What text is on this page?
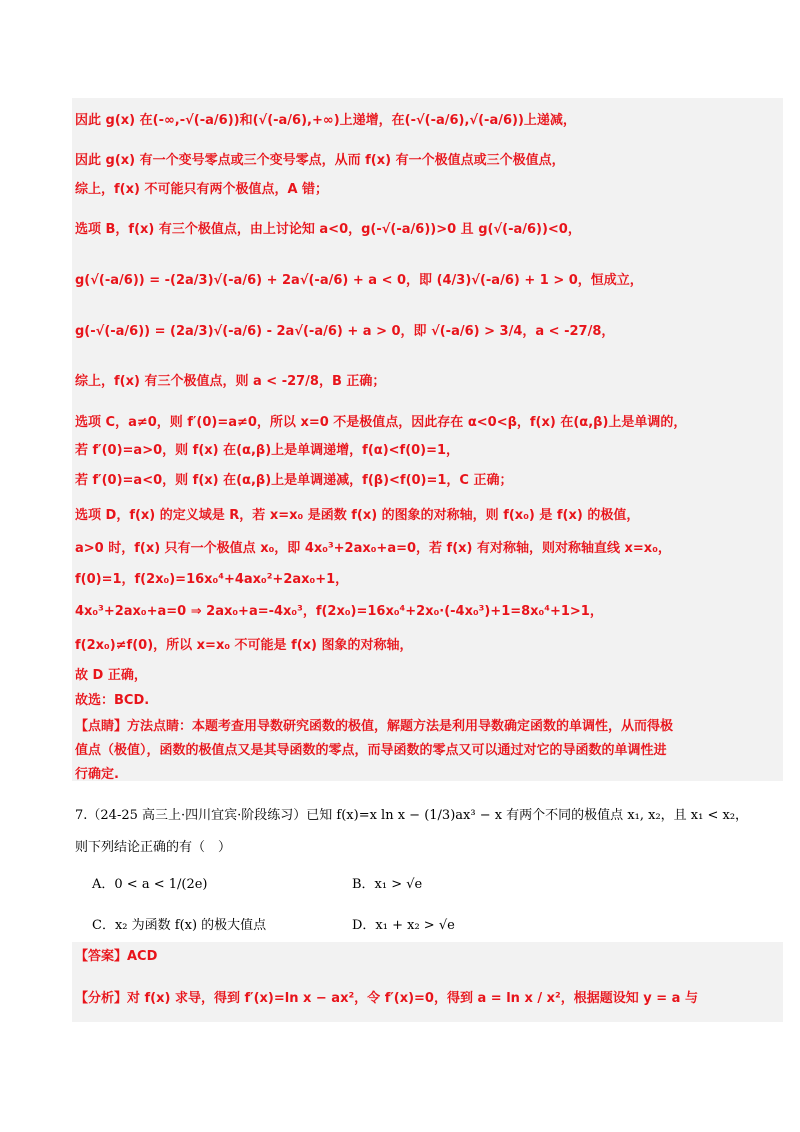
因此 g(x) 在(-∞,-√(-a/6))和(√(-a/6),+∞)上递增，在(-√(-a/6),√(-a/6))上递减，
因此 g(x) 有一个变号零点或三个变号零点，从而 f(x) 有一个极值点或三个极值点，
综上，f(x) 不可能只有两个极值点，A 错；
选项 B，f(x) 有三个极值点，由上讨论知 a<0，g(-√(-a/6))>0 且 g(√(-a/6))<0，
g(√(-a/6)) = -(2a/3)√(-a/6) + 2a√(-a/6) + a < 0，即 (4/3)√(-a/6) + 1 > 0，恒成立，
g(-√(-a/6)) = (2a/3)√(-a/6) - 2a√(-a/6) + a > 0，即 √(-a/6) > 3/4，a < -27/8，
综上，f(x) 有三个极值点，则 a < -27/8，B 正确；
选项 C，a≠0，则 f′(0)=a≠0，所以 x=0 不是极值点，因此存在 α<0<β，f(x) 在(α,β)上是单调的，
若 f′(0)=a>0，则 f(x) 在(α,β)上是单调递增，f(α)<f(0)=1，
若 f′(0)=a<0，则 f(x) 在(α,β)上是单调递减，f(β)<f(0)=1，C 正确；
选项 D，f(x) 的定义域是 R，若 x=x₀ 是函数 f(x) 的图象的对称轴，则 f(x₀) 是 f(x) 的极值，
a>0 时，f(x) 只有一个极值点 x₀，即 4x₀³+2ax₀+a=0，若 f(x) 有对称轴，则对称轴直线 x=x₀，
f(0)=1，f(2x₀)=16x₀⁴+4ax₀²+2ax₀+1，
4x₀³+2ax₀+a=0 ⇒ 2ax₀+a=-4x₀³，f(2x₀)=16x₀⁴+2x₀·(-4x₀³)+1=8x₀⁴+1>1，
f(2x₀)≠f(0)，所以 x=x₀ 不可能是 f(x) 图象的对称轴，
故 D 正确，
故选：BCD.
【点睛】方法点睛：本题考查用导数研究函数的极值，解题方法是利用导数确定函数的单调性，从而得极
值点（极值），函数的极值点又是其导函数的零点，而导函数的零点又可以通过对它的导函数的单调性进
行确定.
7.（24-25 高三上·四川宜宾·阶段练习）已知 f(x)=x ln x − (1/3)ax³ − x 有两个不同的极值点 x₁, x₂，且 x₁ < x₂，
则下列结论正确的有（　）
A．0 < a < 1/(2e)	B．x₁ > √e
C．x₂ 为函数 f(x) 的极大值点	D．x₁ + x₂ > √e
【答案】ACD
【分析】对 f(x) 求导，得到 f′(x)=ln x − ax²，令 f′(x)=0，得到 a = ln x / x²，根据题设知 y = a 与
